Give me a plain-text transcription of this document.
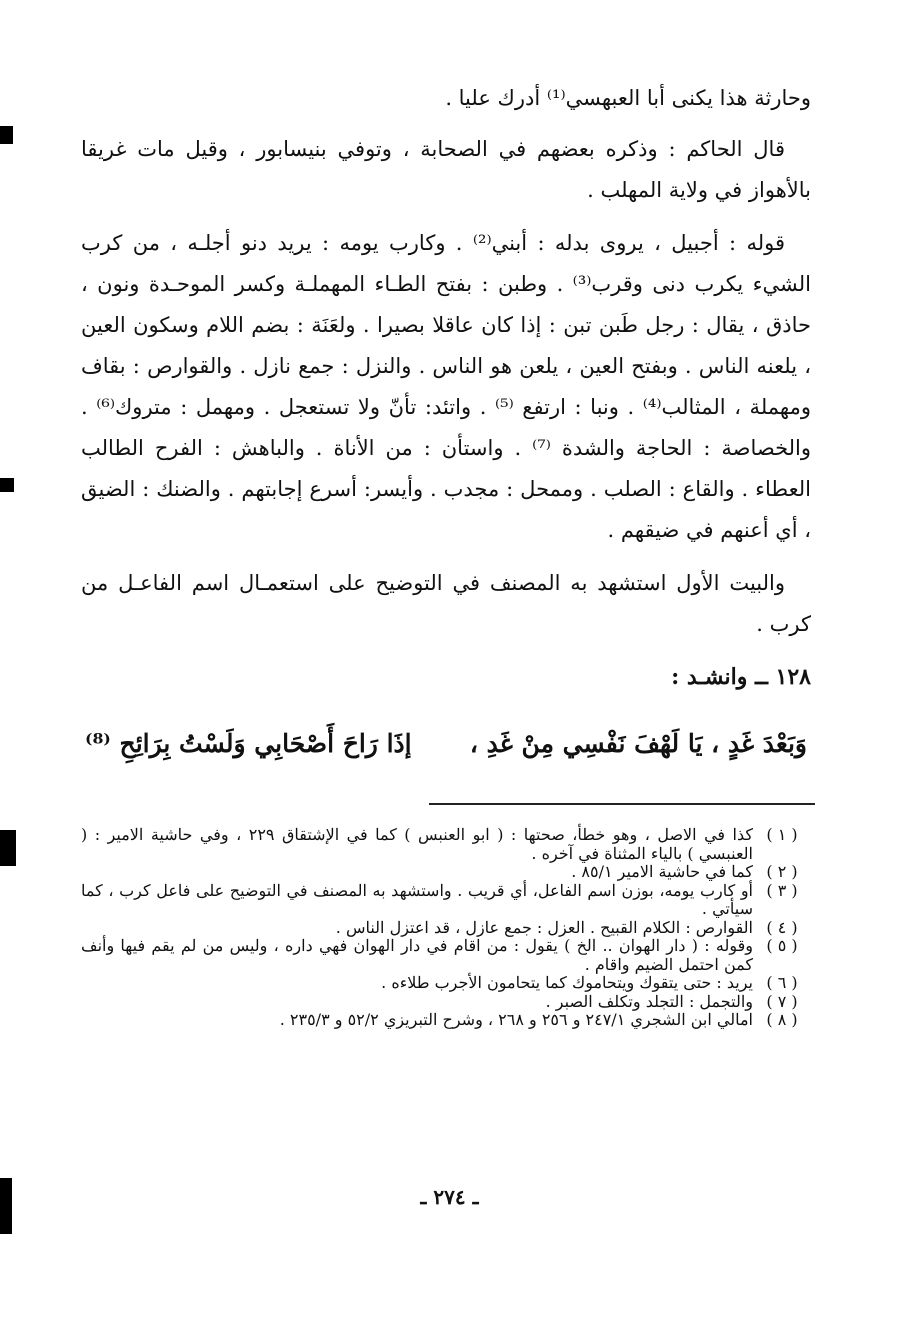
وحارثة هذا يكنى أبا العبهسي⁽¹⁾ أدرك عليا .

قال الحاكم : وذكره بعضهم في الصحابة ، وتوفي بنيسابور ، وقيل مات غريقا بالأهواز في ولاية المهلب .

قوله : أجبيل ، يروى بدله : أبني⁽²⁾ . وكارب يومه : يريد دنو أجلـه ، من كرب الشيء يكرب دنى وقرب⁽³⁾ . وطبن : بفتح الطـاء المهملـة وكسر الموحـدة ونون ، حاذق ، يقال : رجل طَبن تبن : إذا كان عاقلا بصيرا . ولعَنَة : بضم اللام وسكون العين ، يلعنه الناس . وبفتح العين ، يلعن هو الناس . والنزل : جمع نازل . والقوارص : بقاف ومهملة ، المثالب⁽⁴⁾ . ونبا : ارتفع ⁽⁵⁾ . واتئد: تأنّ ولا تستعجل . ومهمل : متروك⁽⁶⁾ . والخصاصة : الحاجة والشدة ⁽⁷⁾ . واستأن : من الأناة . والباهش : الفرح الطالب العطاء . والقاع : الصلب . وممحل : مجدب . وأيسر: أسرع إجابتهم . والضنك : الضيق ، أي أعنهم في ضيقهم .

والبيت الأول استشهد به المصنف في التوضيح على استعمـال اسم الفاعـل من كرب .

١٢٨ ــ وانشـد :
وَبَعْدَ غَدٍ ، يَا لَهْفَ نَفْسِي مِنْ غَدِ ،
إذَا رَاحَ أَصْحَابِي وَلَسْتُ بِرَائِحِ ⁽⁸⁾
( ١ )
كذا في الاصل ، وهو خطأ، صحتها : ( ابو العنبس ) كما في الإشتقاق ٢٢٩ ، وفي حاشية الامير : ( العنبسي ) بالياء المثناة في آخره .
( ٢ )
كما في حاشية الامير ٨٥/١ .
( ٣ )
أو كارب يومه، بوزن اسم الفاعل، أي قريب . واستشهد به المصنف في التوضيح على فاعل كرب ، كما سيأتي .
( ٤ )
القوارص : الكلام القبيح . العزل : جمع عازل ، قد اعتزل الناس .
( ٥ )
وقوله : ( دار الهوان .. الخ ) يقول : من اقام في دار الهوان فهي داره ، وليس من لم يقم فيها وأنف كمن احتمل الضيم واقام .
( ٦ )
يريد : حتى يتقوك ويتحاموك كما يتحامون الأجرب طلاءه .
( ٧ )
والتجمل : التجلد وتكلف الصبر .
( ٨ )
امالي ابن الشجري ٢٤٧/١ و ٢٥٦ و ٢٦٨ ، وشرح التبريزي ٥٢/٢ و ٢٣٥/٣ .
ـ ٢٧٤ ـ
